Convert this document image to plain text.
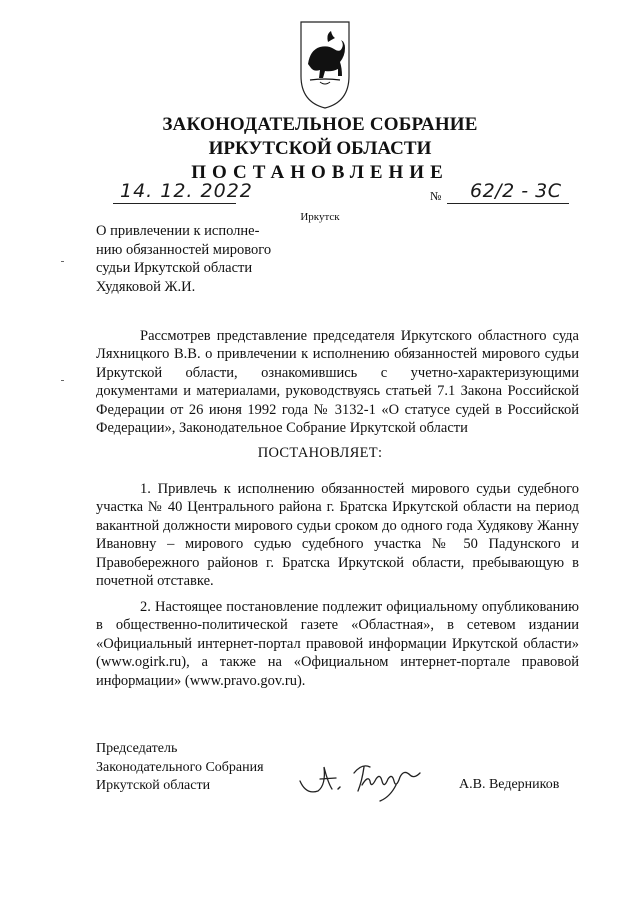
ЗАКОНОДАТЕЛЬНОЕ СОБРАНИЕ
ИРКУТСКОЙ ОБЛАСТИ
ПОСТАНОВЛЕНИЕ
14. 12. 2022	№ 62/2 - 3С
Иркутск
О привлечении к исполне-
нию обязанностей мирового
судьи Иркутской области
Худяковой Ж.И.
Рассмотрев представление председателя Иркутского областного суда Ляхницкого В.В. о привлечении к исполнению обязанностей мирового судьи Иркутской области, ознакомившись с учетно-характеризующими документами и материалами, руководствуясь статьей 7.1 Закона Российской Федерации от 26 июня 1992 года № 3132-1 «О статусе судей в Российской Федерации», Законодательное Собрание Иркутской области
ПОСТАНОВЛЯЕТ:
1. Привлечь к исполнению обязанностей мирового судьи судебного участка № 40 Центрального района г. Братска Иркутской области на период вакантной должности мирового судьи сроком до одного года Худякову Жанну Ивановну – мирового судью судебного участка № 50 Падунского и Правобережного районов г. Братска Иркутской области, пребывающую в почетной отставке.
2. Настоящее постановление подлежит официальному опубликованию в общественно-политической газете «Областная», в сетевом издании «Официальный интернет-портал правовой информации Иркутской области» (www.ogirk.ru), а также на «Официальном интернет-портале правовой информации» (www.pravo.gov.ru).
Председатель
Законодательного Собрания
Иркутской области	А.В. Ведерников
